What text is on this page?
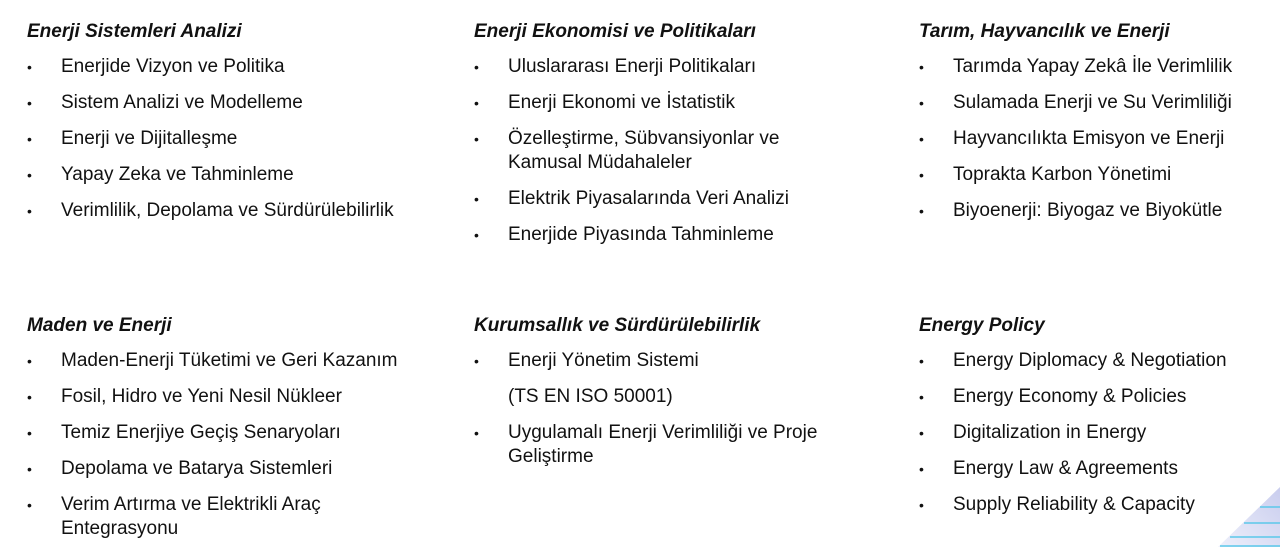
Enerji Sistemleri Analizi
•	Enerjide Vizyon ve Politika
•	Sistem Analizi ve Modelleme
•	Enerji ve Dijitalleşme
•	Yapay Zeka ve Tahminleme
•	Verimlilik, Depolama ve Sürdürülebilirlik
Enerji Ekonomisi ve Politikaları
•	Uluslararası Enerji Politikaları
•	Enerji Ekonomi ve İstatistik
•	Özelleştirme, Sübvansiyonlar ve Kamusal Müdahaleler
•	Elektrik Piyasalarında Veri Analizi
•	Enerjide Piyasında Tahminleme
Tarım, Hayvancılık ve Enerji
•	Tarımda Yapay Zekâ İle Verimlilik
•	Sulamada Enerji ve Su Verimliliği
•	Hayvancılıkta Emisyon ve Enerji
•	Toprakta Karbon Yönetimi
•	Biyoenerji: Biyogaz ve Biyokütle
Maden ve Enerji
•	Maden-Enerji Tüketimi ve Geri Kazanım
•	Fosil, Hidro ve Yeni Nesil Nükleer
•	Temiz Enerjiye Geçiş Senaryoları
•	Depolama ve Batarya Sistemleri
•	Verim Artırma ve Elektrikli Araç Entegrasyonu
Kurumsallık ve Sürdürülebilirlik
•	Enerji Yönetim Sistemi
(TS EN ISO 50001)
•	Uygulamalı Enerji Verimliliği ve Proje Geliştirme
Energy Policy
•	Energy Diplomacy & Negotiation
•	Energy Economy & Policies
•	Digitalization in Energy
•	Energy Law & Agreements
•	Supply Reliability & Capacity
